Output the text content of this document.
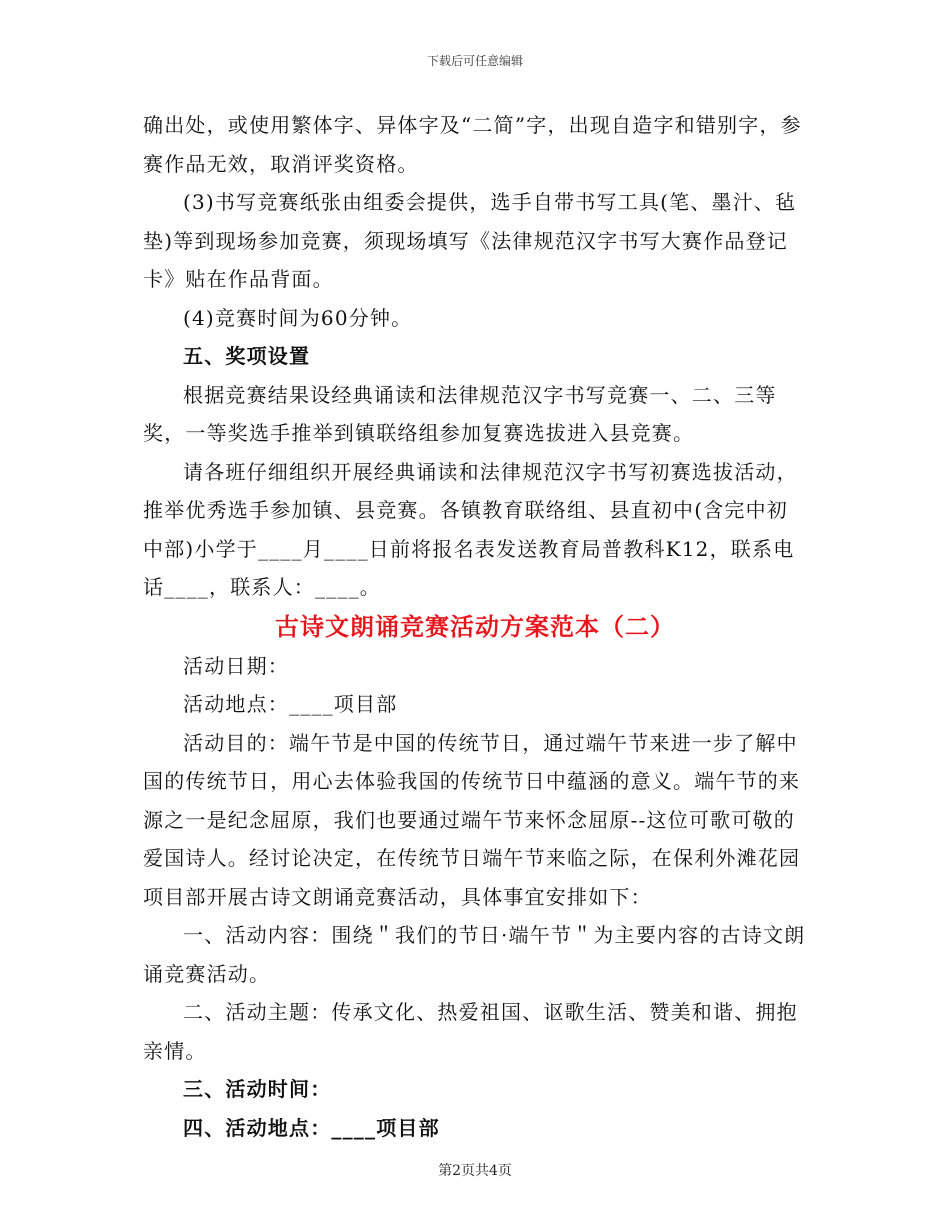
下载后可任意编辑

确出处，或使用繁体字、异体字及“二简”字，出现自造字和错别字，参赛作品无效，取消评奖资格。

(3)书写竞赛纸张由组委会提供，选手自带书写工具(笔、墨汁、毡垫)等到现场参加竞赛，须现场填写《法律规范汉字书写大赛作品登记卡》贴在作品背面。

(4)竞赛时间为60分钟。

五、奖项设置

根据竞赛结果设经典诵读和法律规范汉字书写竞赛一、二、三等奖，一等奖选手推举到镇联络组参加复赛选拔进入县竞赛。

请各班仔细组织开展经典诵读和法律规范汉字书写初赛选拔活动，推举优秀选手参加镇、县竞赛。各镇教育联络组、县直初中(含完中初中部)小学于____月____日前将报名表发送教育局普教科K12，联系电话____，联系人：____。

古诗文朗诵竞赛活动方案范本（二）

活动日期：

活动地点：____项目部

活动目的：端午节是中国的传统节日，通过端午节来进一步了解中国的传统节日，用心去体验我国的传统节日中蕴涵的意义。端午节的来源之一是纪念屈原，我们也要通过端午节来怀念屈原--这位可歌可敬的爱国诗人。经讨论决定，在传统节日端午节来临之际，在保利外滩花园项目部开展古诗文朗诵竞赛活动，具体事宜安排如下：

一、活动内容：围绕＂我们的节日·端午节＂为主要内容的古诗文朗诵竞赛活动。

二、活动主题：传承文化、热爱祖国、讴歌生活、赞美和谐、拥抱亲情。

三、活动时间：

四、活动地点：____项目部

第2页共4页
